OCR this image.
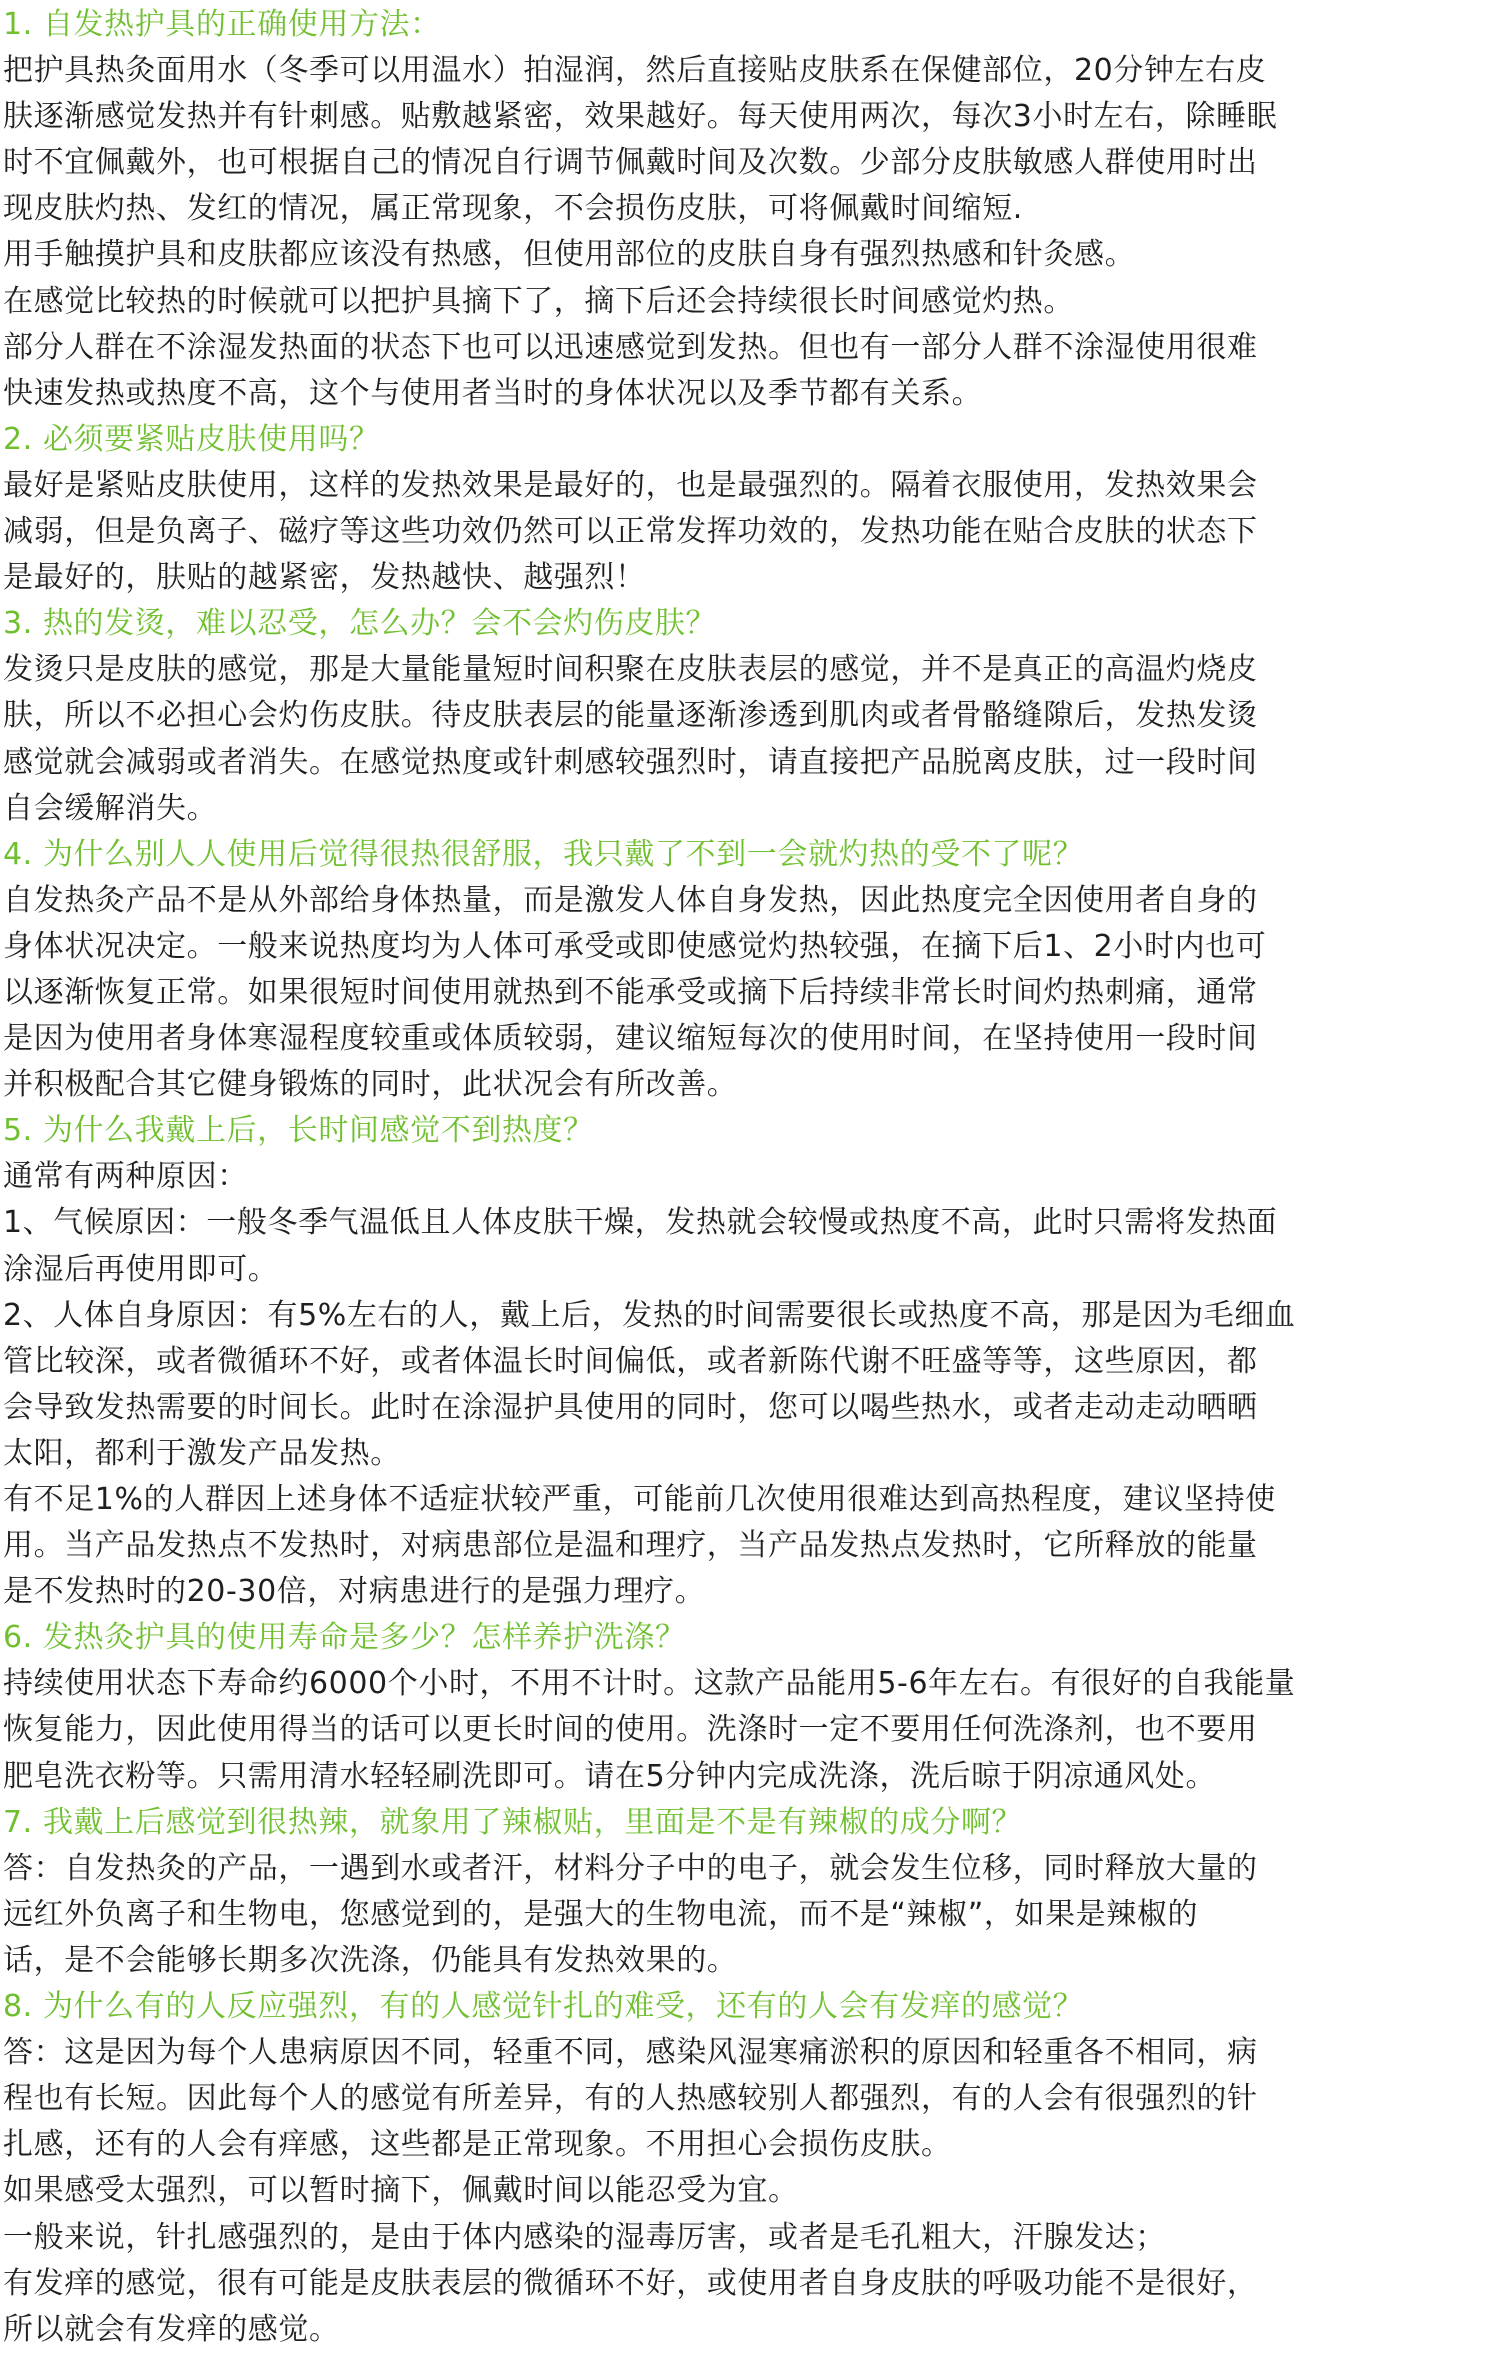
1. 自发热护具的正确使用方法：
把护具热灸面用水（冬季可以用温水）拍湿润，然后直接贴皮肤系在保健部位，20分钟左右皮
肤逐渐感觉发热并有针刺感。贴敷越紧密，效果越好。每天使用两次，每次3小时左右，除睡眠
时不宜佩戴外，也可根据自己的情况自行调节佩戴时间及次数。少部分皮肤敏感人群使用时出
现皮肤灼热、发红的情况，属正常现象，不会损伤皮肤，可将佩戴时间缩短.
用手触摸护具和皮肤都应该没有热感，但使用部位的皮肤自身有强烈热感和针灸感。
在感觉比较热的时候就可以把护具摘下了，摘下后还会持续很长时间感觉灼热。
部分人群在不涂湿发热面的状态下也可以迅速感觉到发热。但也有一部分人群不涂湿使用很难
快速发热或热度不高，这个与使用者当时的身体状况以及季节都有关系。
2. 必须要紧贴皮肤使用吗？
最好是紧贴皮肤使用，这样的发热效果是最好的，也是最强烈的。隔着衣服使用，发热效果会
减弱，但是负离子、磁疗等这些功效仍然可以正常发挥功效的，发热功能在贴合皮肤的状态下
是最好的，肤贴的越紧密，发热越快、越强烈！
3. 热的发烫，难以忍受，怎么办？会不会灼伤皮肤？
发烫只是皮肤的感觉，那是大量能量短时间积聚在皮肤表层的感觉，并不是真正的高温灼烧皮
肤，所以不必担心会灼伤皮肤。待皮肤表层的能量逐渐渗透到肌肉或者骨骼缝隙后，发热发烫
感觉就会减弱或者消失。在感觉热度或针刺感较强烈时，请直接把产品脱离皮肤，过一段时间
自会缓解消失。
4. 为什么别人人使用后觉得很热很舒服，我只戴了不到一会就灼热的受不了呢？
自发热灸产品不是从外部给身体热量，而是激发人体自身发热，因此热度完全因使用者自身的
身体状况决定。一般来说热度均为人体可承受或即使感觉灼热较强，在摘下后1、2小时内也可
以逐渐恢复正常。如果很短时间使用就热到不能承受或摘下后持续非常长时间灼热刺痛，通常
是因为使用者身体寒湿程度较重或体质较弱，建议缩短每次的使用时间，在坚持使用一段时间
并积极配合其它健身锻炼的同时，此状况会有所改善。
5. 为什么我戴上后，长时间感觉不到热度？
通常有两种原因：
1、气候原因：一般冬季气温低且人体皮肤干燥，发热就会较慢或热度不高，此时只需将发热面
涂湿后再使用即可。
2、人体自身原因：有5%左右的人，戴上后，发热的时间需要很长或热度不高，那是因为毛细血
管比较深，或者微循环不好，或者体温长时间偏低，或者新陈代谢不旺盛等等，这些原因，都
会导致发热需要的时间长。此时在涂湿护具使用的同时，您可以喝些热水，或者走动走动晒晒
太阳，都利于激发产品发热。
有不足1%的人群因上述身体不适症状较严重，可能前几次使用很难达到高热程度，建议坚持使
用。当产品发热点不发热时，对病患部位是温和理疗，当产品发热点发热时，它所释放的能量
是不发热时的20-30倍，对病患进行的是强力理疗。
6. 发热灸护具的使用寿命是多少？怎样养护洗涤？
持续使用状态下寿命约6000个小时，不用不计时。这款产品能用5-6年左右。有很好的自我能量
恢复能力，因此使用得当的话可以更长时间的使用。洗涤时一定不要用任何洗涤剂，也不要用
肥皂洗衣粉等。只需用清水轻轻刷洗即可。请在5分钟内完成洗涤，洗后晾于阴凉通风处。
7. 我戴上后感觉到很热辣，就象用了辣椒贴，里面是不是有辣椒的成分啊？
答：自发热灸的产品，一遇到水或者汗，材料分子中的电子，就会发生位移，同时释放大量的
远红外负离子和生物电，您感觉到的，是强大的生物电流，而不是“辣椒”，如果是辣椒的
话，是不会能够长期多次洗涤，仍能具有发热效果的。
8. 为什么有的人反应强烈，有的人感觉针扎的难受，还有的人会有发痒的感觉？
答：这是因为每个人患病原因不同，轻重不同，感染风湿寒痛淤积的原因和轻重各不相同，病
程也有长短。因此每个人的感觉有所差异，有的人热感较别人都强烈，有的人会有很强烈的针
扎感，还有的人会有痒感，这些都是正常现象。不用担心会损伤皮肤。
如果感受太强烈，可以暂时摘下，佩戴时间以能忍受为宜。
一般来说，针扎感强烈的，是由于体内感染的湿毒厉害，或者是毛孔粗大，汗腺发达；
有发痒的感觉，很有可能是皮肤表层的微循环不好，或使用者自身皮肤的呼吸功能不是很好，
所以就会有发痒的感觉。
